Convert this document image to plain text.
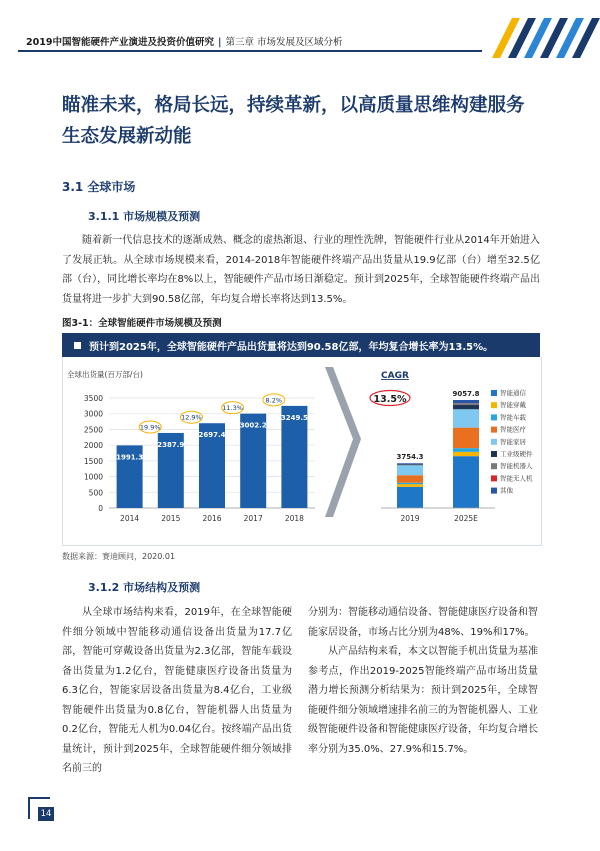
2019中国智能硬件产业演进及投资价值研究 | 第三章 市场发展及区域分析
瞄准未来，格局长远，持续革新，以高质量思维构建服务生态发展新动能
3.1 全球市场
3.1.1 市场规模及预测
随着新一代信息技术的逐渐成熟、概念的虚热渐退、行业的理性洗牌，智能硬件行业从2014年开始进入了发展正轨。从全球市场规模来看，2014-2018年智能硬件终端产品出货量从19.9亿部（台）增至32.5亿部（台），同比增长率均在8%以上，智能硬件产品市场日渐稳定。预计到2025年，全球智能硬件终端产品出货量将进一步扩大到90.58亿部，年均复合增长率将达到13.5%。
图3-1：全球智能硬件市场规模及预测
预计到2025年，全球智能硬件产品出货量将达到90.58亿部，年均复合增长率为13.5%。
全球出货量(百万部/台)
0
500
1000
1500
2000
2500
3000
3500
1991.3
2387.9
2697.4
3002.2
3249.5
2014	2015	2016	2017	2018
19.9%
12.9%
11.3%
8.2%
CAGR
13.5%
3754.3
9057.8
2019	2025E
智能通信
智能穿戴
智能车载
智能医疗
智能家居
工业级硬件
智能机器人
智能无人机
其他
数据来源：赛迪顾问，2020.01
3.1.2 市场结构及预测
从全球市场结构来看，2019年，在全球智能硬件细分领域中智能移动通信设备出货量为17.7亿部，智能可穿戴设备出货量为2.3亿部，智能车载设备出货量为1.2亿台，智能健康医疗设备出货量为6.3亿台，智能家居设备出货量为8.4亿台，工业级智能硬件出货量为0.8亿台，智能机器人出货量为0.2亿台，智能无人机为0.04亿台。按终端产品出货量统计，预计到2025年，全球智能硬件细分领域排名前三的
分别为：智能移动通信设备、智能健康医疗设备和智能家居设备，市场占比分别为48%、19%和17%。
从产品结构来看，本文以智能手机出货量为基准参考点，作出2019-2025智能终端产品市场出货量潜力增长预测分析结果为：预计到2025年，全球智能硬件细分领域增速排名前三的为智能机器人、工业级智能硬件设备和智能健康医疗设备，年均复合增长率分别为35.0%、27.9%和15.7%。
14
